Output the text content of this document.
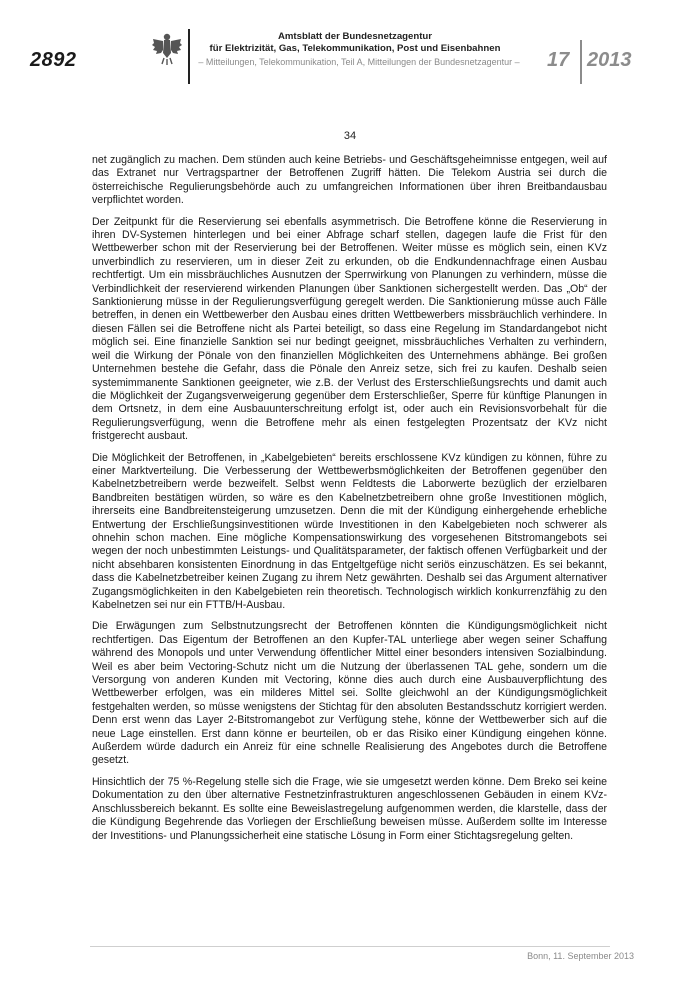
2892
Amtsblatt der Bundesnetzagentur
für Elektrizität, Gas, Telekommunikation, Post und Eisenbahnen
– Mitteilungen, Telekommunikation, Teil A, Mitteilungen der Bundesnetzagentur – 17 2013
34

net zugänglich zu machen. Dem stünden auch keine Betriebs- und Geschäftsgeheimnisse entgegen, weil auf das Extranet nur Vertragspartner der Betroffenen Zugriff hätten. Die Telekom Austria sei durch die österreichische Regulierungsbehörde auch zu umfangreichen Informationen über ihren Breitbandausbau verpflichtet worden.

Der Zeitpunkt für die Reservierung sei ebenfalls asymmetrisch. Die Betroffene könne die Reservierung in ihren DV-Systemen hinterlegen und bei einer Abfrage scharf stellen, dagegen laufe die Frist für den Wettbewerber schon mit der Reservierung bei der Betroffenen. Weiter müsse es möglich sein, einen KVz unverbindlich zu reservieren, um in dieser Zeit zu erkunden, ob die Endkundennachfrage einen Ausbau rechtfertigt. Um ein missbräuchliches Ausnutzen der Sperrwirkung von Planungen zu verhindern, müsse die Verbindlichkeit der reservierend wirkenden Planungen über Sanktionen sichergestellt werden. Das „Ob“ der Sanktionierung müsse in der Regulierungsverfügung geregelt werden. Die Sanktionierung müsse auch Fälle betreffen, in denen ein Wettbewerber den Ausbau eines dritten Wettbewerbers missbräuchlich verhindere. In diesen Fällen sei die Betroffene nicht als Partei beteiligt, so dass eine Regelung im Standardangebot nicht möglich sei. Eine finanzielle Sanktion sei nur bedingt geeignet, missbräuchliches Verhalten zu verhindern, weil die Wirkung der Pönale von den finanziellen Möglichkeiten des Unternehmens abhänge. Bei großen Unternehmen bestehe die Gefahr, dass die Pönale den Anreiz setze, sich frei zu kaufen. Deshalb seien systemimmanente Sanktionen geeigneter, wie z.B. der Verlust des Ersterschließungsrechts und damit auch die Möglichkeit der Zugangsverweigerung gegenüber dem Ersterschließer, Sperre für künftige Planungen in dem Ortsnetz, in dem eine Ausbauunterschreitung erfolgt ist, oder auch ein Revisionsvorbehalt für die Regulierungsverfügung, wenn die Betroffene mehr als einen festgelegten Prozentsatz der KVz nicht fristgerecht ausbaut.

Die Möglichkeit der Betroffenen, in „Kabelgebieten“ bereits erschlossene KVz kündigen zu können, führe zu einer Marktverteilung. Die Verbesserung der Wettbewerbsmöglichkeiten der Betroffenen gegenüber den Kabelnetzbetreibern werde bezweifelt. Selbst wenn Feldtests die Laborwerte bezüglich der erzielbaren Bandbreiten bestätigen würden, so wäre es den Kabelnetzbetreibern ohne große Investitionen möglich, ihrerseits eine Bandbreitensteigerung umzusetzen. Denn die mit der Kündigung einhergehende erhebliche Entwertung der Erschließungsinvestitionen würde Investitionen in den Kabelgebieten noch schwerer als ohnehin schon machen. Eine mögliche Kompensationswirkung des vorgesehenen Bitstromangebots sei wegen der noch unbestimmten Leistungs- und Qualitätsparameter, der faktisch offenen Verfügbarkeit und der nicht absehbaren konsistenten Einordnung in das Entgeltgefüge nicht seriös einzuschätzen. Es sei bekannt, dass die Kabelnetzbetreiber keinen Zugang zu ihrem Netz gewährten. Deshalb sei das Argument alternativer Zugangsmöglichkeiten in den Kabelgebieten rein theoretisch. Technologisch wirklich konkurrenzfähig zu den Kabelnetzen sei nur ein FTTB/H-Ausbau.

Die Erwägungen zum Selbstnutzungsrecht der Betroffenen könnten die Kündigungsmöglichkeit nicht rechtfertigen. Das Eigentum der Betroffenen an den Kupfer-TAL unterliege aber wegen seiner Schaffung während des Monopols und unter Verwendung öffentlicher Mittel einer besonders intensiven Sozialbindung. Weil es aber beim Vectoring-Schutz nicht um die Nutzung der überlassenen TAL gehe, sondern um die Versorgung von anderen Kunden mit Vectoring, könne dies auch durch eine Ausbauverpflichtung des Wettbewerber erfolgen, was ein milderes Mittel sei. Sollte gleichwohl an der Kündigungsmöglichkeit festgehalten werden, so müsse wenigstens der Stichtag für den absoluten Bestandsschutz korrigiert werden. Denn erst wenn das Layer 2-Bitstromangebot zur Verfügung stehe, könne der Wettbewerber sich auf die neue Lage einstellen. Erst dann könne er beurteilen, ob er das Risiko einer Kündigung eingehen könne. Außerdem würde dadurch ein Anreiz für eine schnelle Realisierung des Angebotes durch die Betroffene gesetzt.

Hinsichtlich der 75 %-Regelung stelle sich die Frage, wie sie umgesetzt werden könne. Dem Breko sei keine Dokumentation zu den über alternative Festnetzinfrastrukturen angeschlossenen Gebäuden in einem KVz-Anschlussbereich bekannt. Es sollte eine Beweislastregelung aufgenommen werden, die klarstelle, dass der die Kündigung Begehrende das Vorliegen der Erschließung beweisen müsse. Außerdem sollte im Interesse der Investitions- und Planungssicherheit eine statische Lösung in Form einer Stichtagsregelung gelten.

Bonn, 11. September 2013
